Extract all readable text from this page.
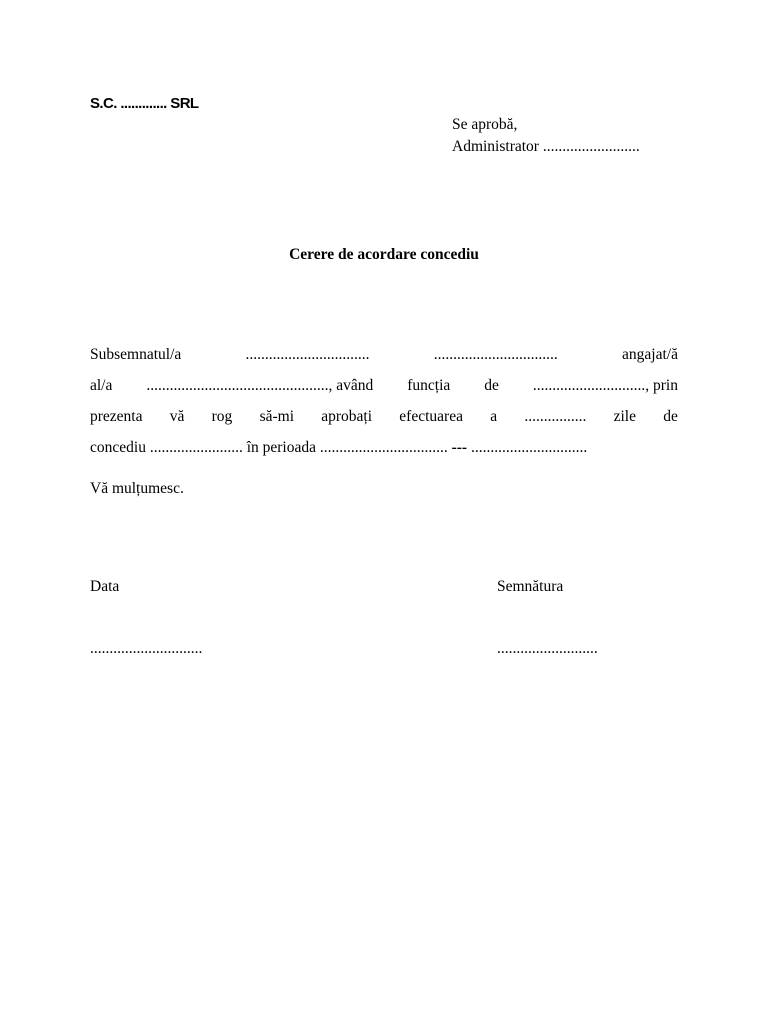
S.C. ............. SRL
Se aprobă,
Administrator .........................
Cerere de acordare concediu
Subsemnatul/a	................................	................................	angajat/ă
al/a ..............................................., având funcția de ............................., prin
prezenta vă rog să-mi aprobați efectuarea a ................ zile de
concediu ........................ în perioada ................................. --- ..............................
Vă mulțumesc.
Data	Semnătura
.............................	..........................
